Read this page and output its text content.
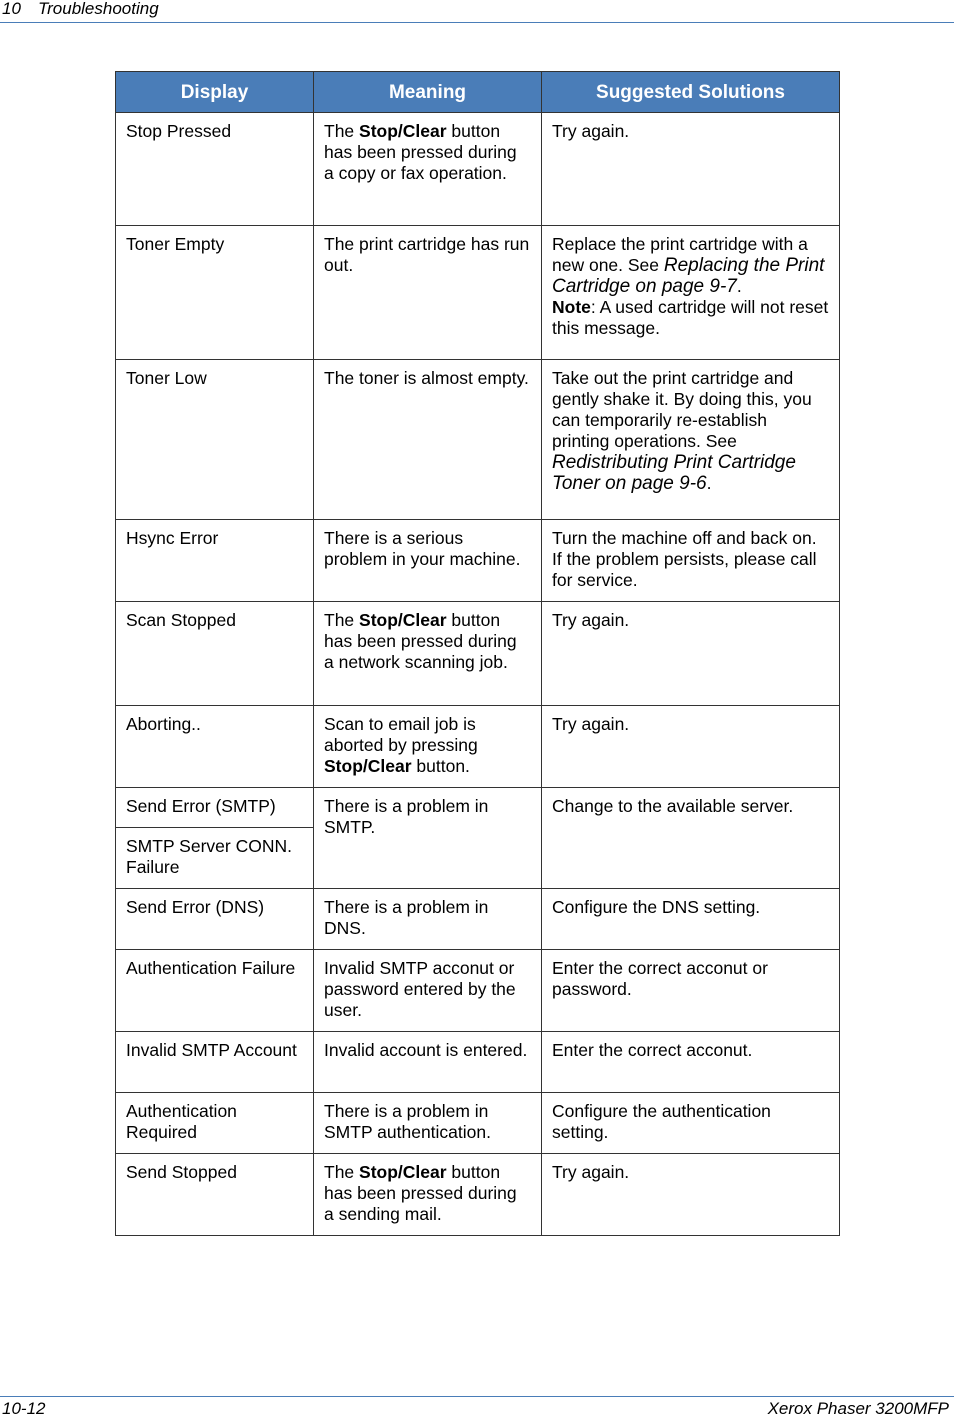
10 Troubleshooting
Display	Meaning	Suggested Solutions
Stop Pressed	The Stop/Clear button has been pressed during a copy or fax operation.	Try again.
Toner Empty	The print cartridge has run out.	Replace the print cartridge with a new one. See Replacing the Print Cartridge on page 9-7.
Note: A used cartridge will not reset this message.
Toner Low	The toner is almost empty.	Take out the print cartridge and gently shake it. By doing this, you can temporarily re-establish printing operations. See Redistributing Print Cartridge Toner on page 9-6.
Hsync Error	There is a serious problem in your machine.	Turn the machine off and back on. If the problem persists, please call for service.
Scan Stopped	The Stop/Clear button has been pressed during a network scanning job.	Try again.
Aborting..	Scan to email job is aborted by pressing Stop/Clear button.	Try again.
Send Error (SMTP)	There is a problem in SMTP.	Change to the available server.
SMTP Server CONN. Failure		
Send Error (DNS)	There is a problem in DNS.	Configure the DNS setting.
Authentication Failure	Invalid SMTP acconut or password entered by the user.	Enter the correct acconut or password.
Invalid SMTP Account	Invalid account is entered.	Enter the correct acconut.
Authentication Required	There is a problem in SMTP authentication.	Configure the authentication setting.
Send Stopped	The Stop/Clear button has been pressed during a sending mail.	Try again.
10-12	Xerox Phaser 3200MFP
